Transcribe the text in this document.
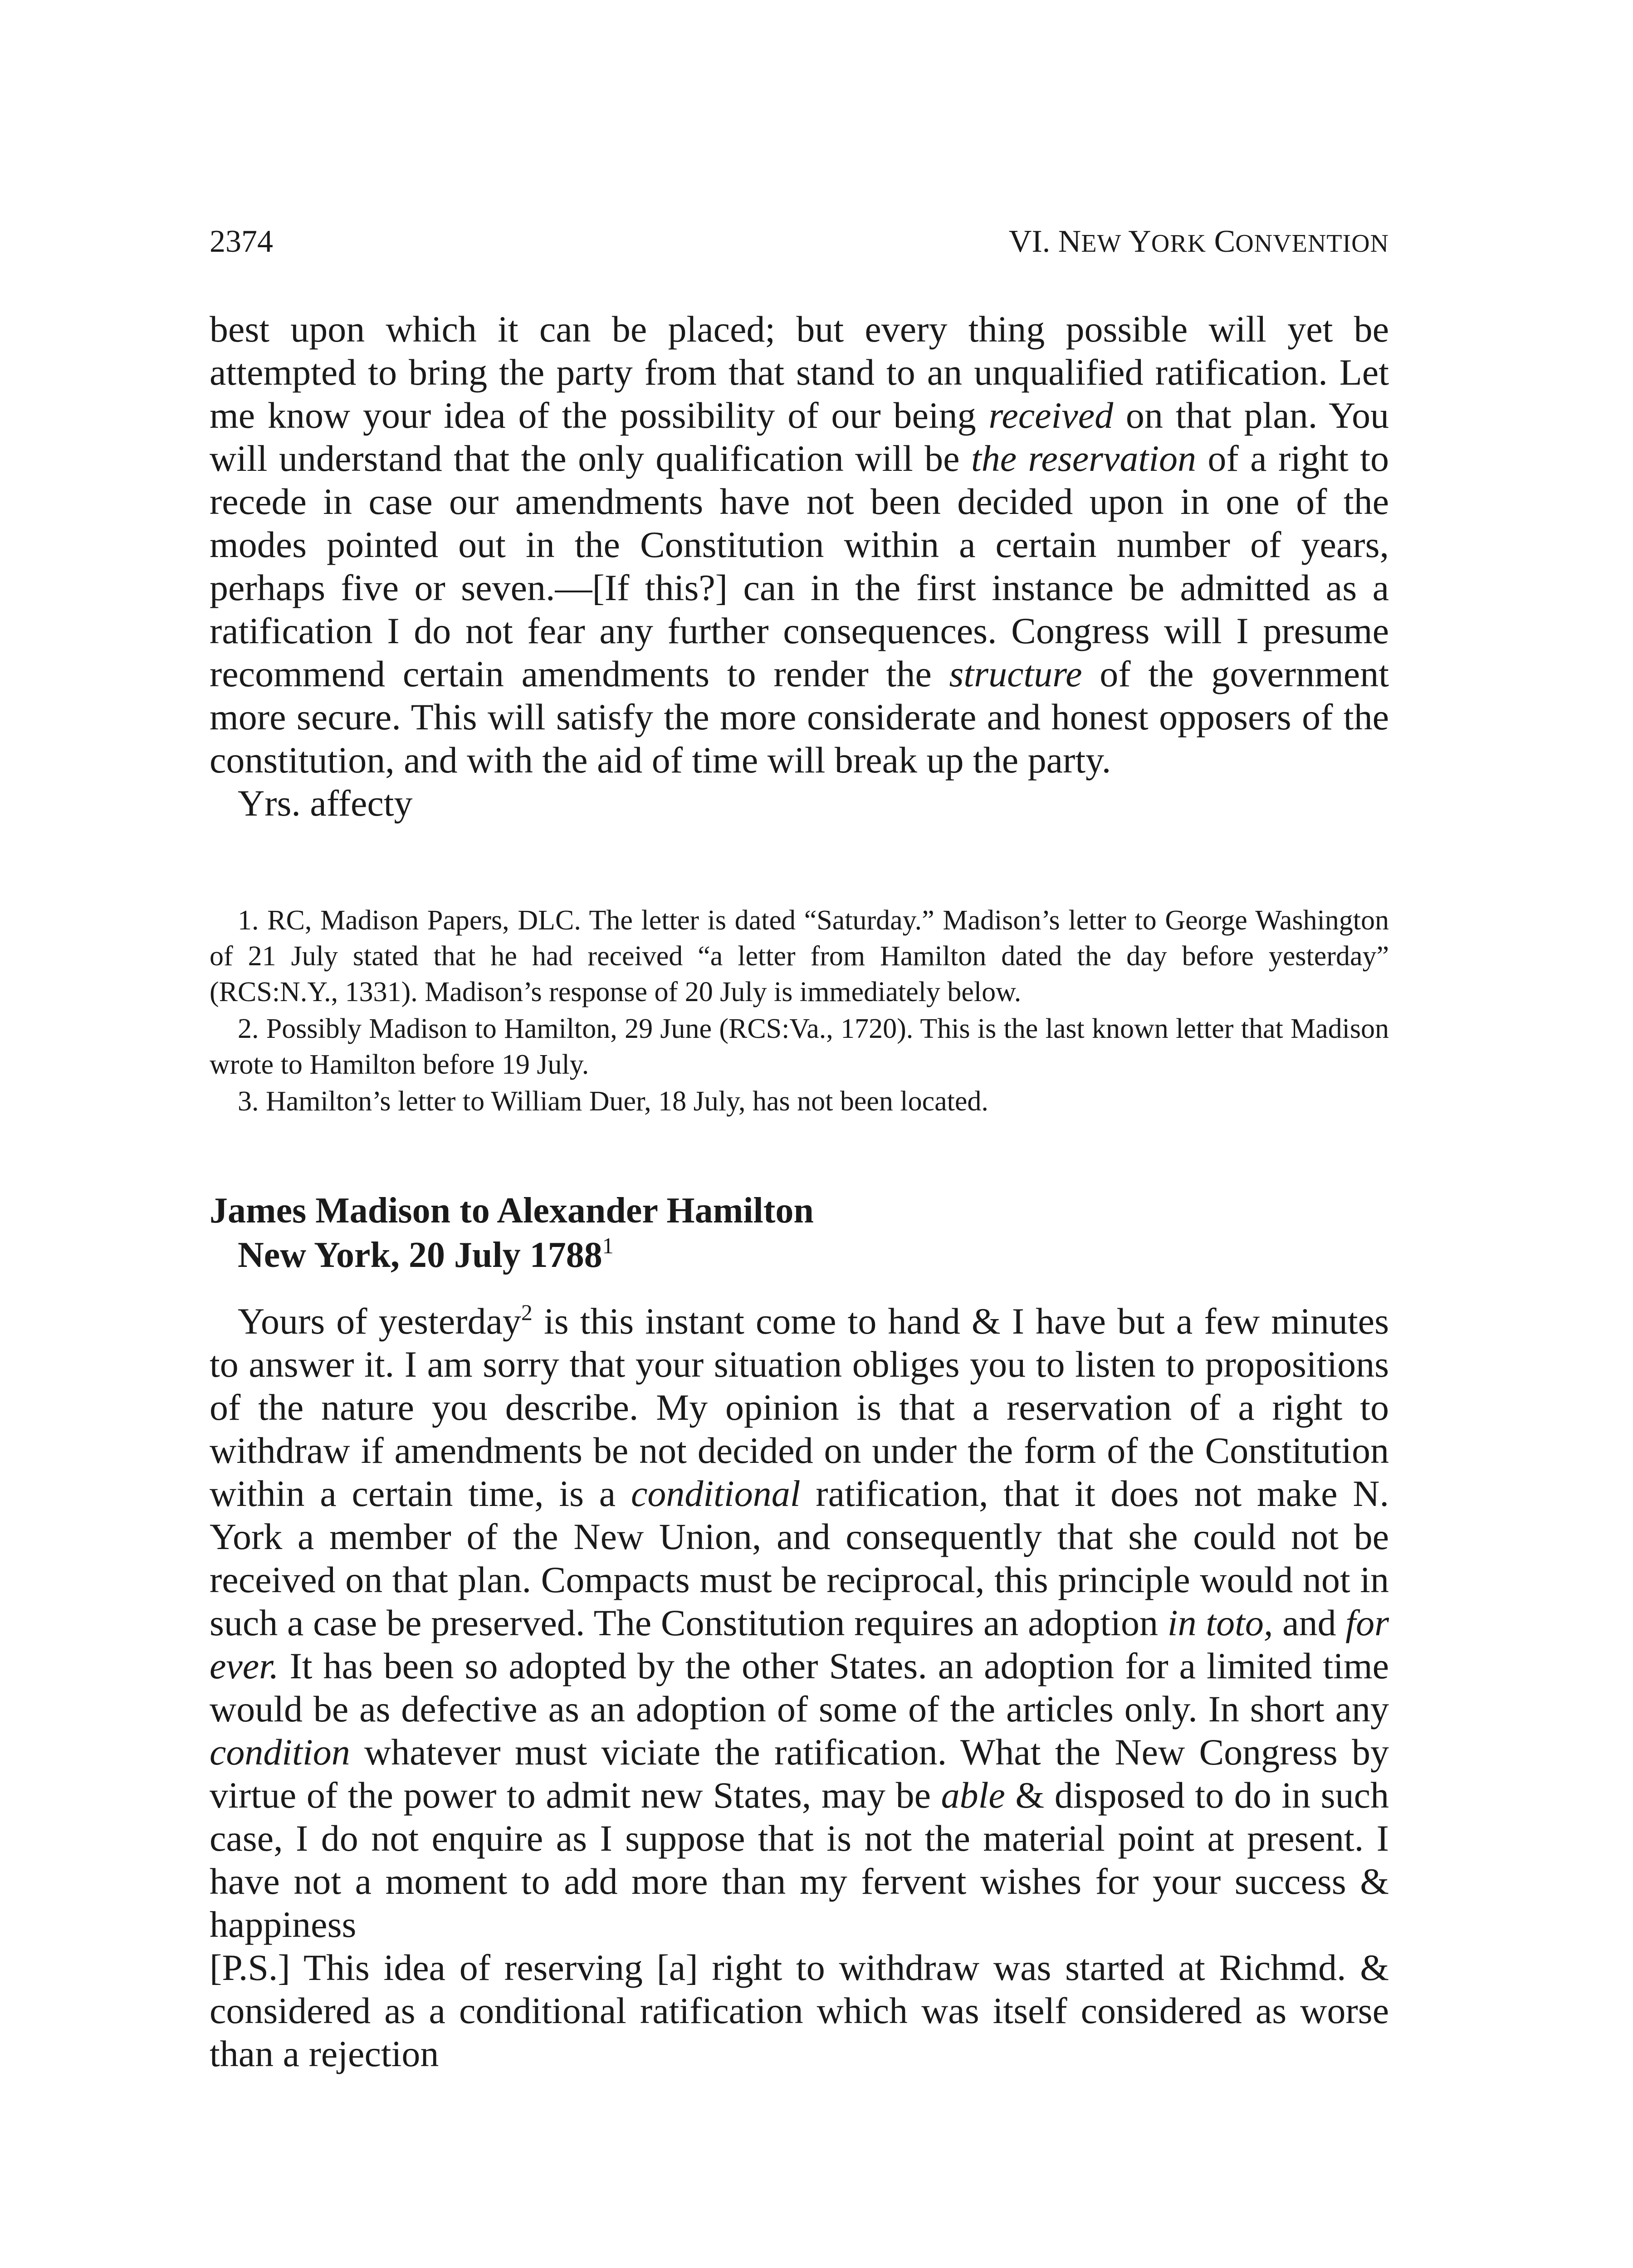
2374	VI. NEW YORK CONVENTION

best upon which it can be placed; but every thing possible will yet be attempted to bring the party from that stand to an unqualified ratification. Let me know your idea of the possibility of our being received on that plan. You will understand that the only qualification will be the reservation of a right to recede in case our amendments have not been decided upon in one of the modes pointed out in the Constitution within a certain number of years, perhaps five or seven.—[If this?] can in the first instance be admitted as a ratification I do not fear any further consequences. Congress will I presume recommend certain amendments to render the structure of the government more secure. This will satisfy the more considerate and honest opposers of the constitution, and with the aid of time will break up the party.

Yrs. affecty

1. RC, Madison Papers, DLC. The letter is dated “Saturday.” Madison’s letter to George Washington of 21 July stated that he had received “a letter from Hamilton dated the day before yesterday” (RCS:N.Y., 1331). Madison’s response of 20 July is immediately below.

2. Possibly Madison to Hamilton, 29 June (RCS:Va., 1720). This is the last known letter that Madison wrote to Hamilton before 19 July.

3. Hamilton’s letter to William Duer, 18 July, has not been located.

James Madison to Alexander Hamilton
New York, 20 July 1788$^1$

Yours of yesterday$^2$ is this instant come to hand & I have but a few minutes to answer it. I am sorry that your situation obliges you to listen to propositions of the nature you describe. My opinion is that a reservation of a right to withdraw if amendments be not decided on under the form of the Constitution within a certain time, is a conditional ratification, that it does not make N. York a member of the New Union, and consequently that she could not be received on that plan. Compacts must be reciprocal, this principle would not in such a case be preserved. The Constitution requires an adoption in toto, and for ever. It has been so adopted by the other States. an adoption for a limited time would be as defective as an adoption of some of the articles only. In short any condition whatever must viciate the ratification. What the New Congress by virtue of the power to admit new States, may be able & disposed to do in such case, I do not enquire as I suppose that is not the material point at present. I have not a moment to add more than my fervent wishes for your success & happiness

[P.S.] This idea of reserving [a] right to withdraw was started at Richmd. & considered as a conditional ratification which was itself considered as worse than a rejection
